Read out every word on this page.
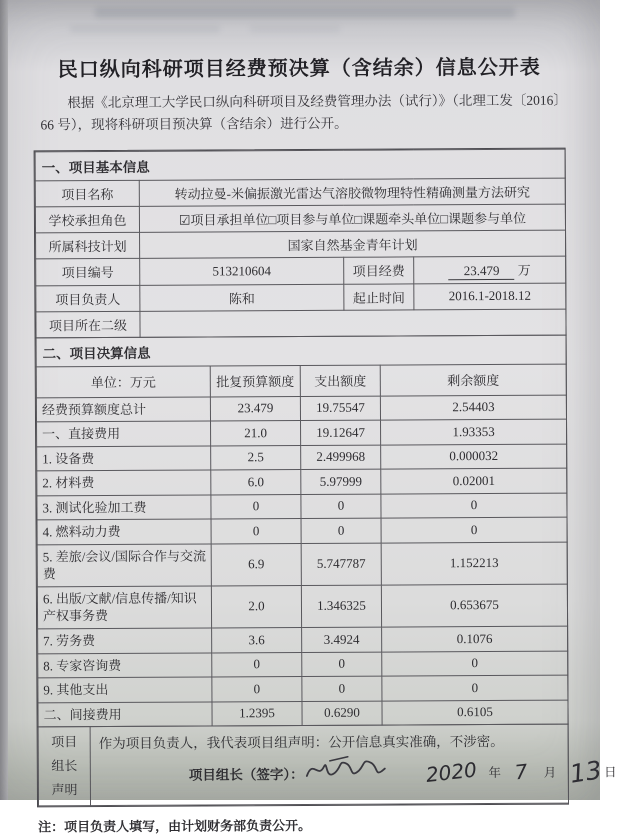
民口纵向科研项目经费预决算（含结余）信息公开表

根据《北京理工大学民口纵向科研项目及经费管理办法（试行）》（北理工发〔2016〕66 号），现将科研项目预决算（含结余）进行公开。

一、项目基本信息			
项目名称	转动拉曼-米偏振激光雷达气溶胶微物理特性精确测量方法研究		
学校承担角色	☑项目承担单位□项目参与单位□课题牵头单位□课题参与单位		
所属科技计划	国家自然基金青年计划		
项目编号	513210604	项目经费	23.479 万
项目负责人	陈和	起止时间	2016.1-2018.12
项目所在二级			
二、项目决算信息			
单位：万元	批复预算额度	支出额度	剩余额度
经费预算额度总计	23.479	19.75547	2.54403
一、直接费用	21.0	19.12647	1.93353
1. 设备费	2.5	2.499968	0.000032
2. 材料费	6.0	5.97999	0.02001
3. 测试化验加工费	0	0	0
4. 燃料动力费	0	0	0
5. 差旅/会议/国际合作与交流费	6.9	5.747787	1.152213
6. 出版/文献/信息传播/知识产权事务费	2.0	1.346325	0.653675
7. 劳务费	3.6	3.4924	0.1076
8. 专家咨询费	0	0	0
9. 其他支出	0	0	0
二、间接费用	1.2395	0.6290	0.6105
项目
组长
声明

作为项目负责人，我代表项目组声明：公开信息真实准确，不涉密。
项目组长（签字）：	2020 年 7 月 13 日

注：项目负责人填写，由计划财务部负责公开。
